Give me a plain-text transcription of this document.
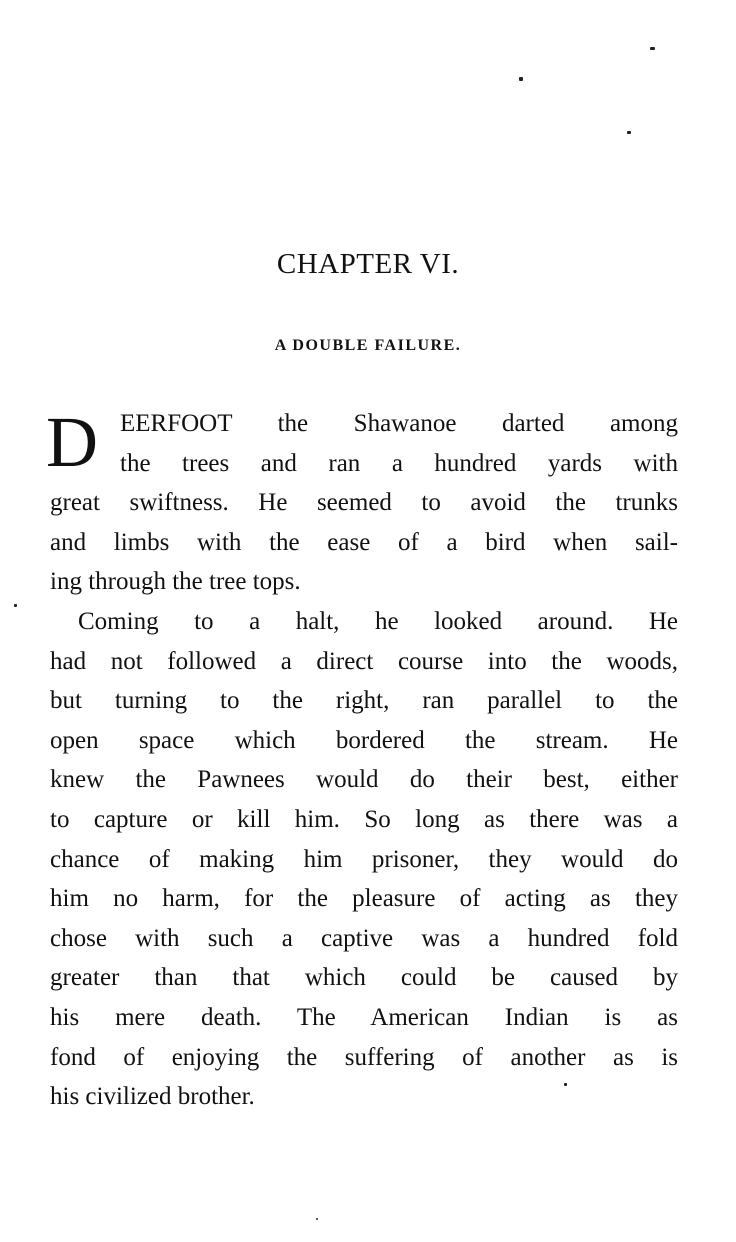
CHAPTER VI.
A DOUBLE FAILURE.
D EERFOOT the Shawanoe darted among
the trees and ran a hundred yards with
great swiftness. He seemed to avoid the trunks
and limbs with the ease of a bird when sail-
ing through the tree tops.
Coming to a halt, he looked around. He
had not followed a direct course into the woods,
but turning to the right, ran parallel to the
open space which bordered the stream. He
knew the Pawnees would do their best, either
to capture or kill him. So long as there was a
chance of making him prisoner, they would do
him no harm, for the pleasure of acting as they
chose with such a captive was a hundred fold
greater than that which could be caused by
his mere death. The American Indian is as
fond of enjoying the suffering of another as is
his civilized brother.
